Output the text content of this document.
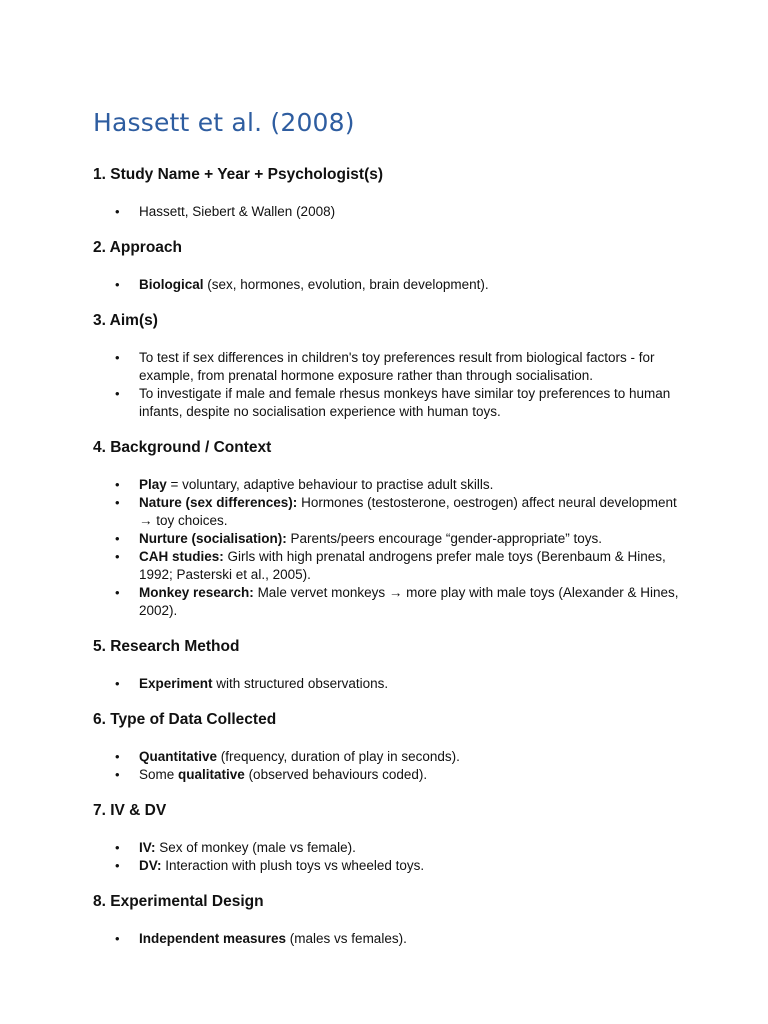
Hassett et al. (2008)
1. Study Name + Year + Psychologist(s)
• Hassett, Siebert & Wallen (2008)
2. Approach
• Biological (sex, hormones, evolution, brain development).
3. Aim(s)
• To test if sex differences in children's toy preferences result from biological factors - for example, from prenatal hormone exposure rather than through socialisation.
• To investigate if male and female rhesus monkeys have similar toy preferences to human infants, despite no socialisation experience with human toys.
4. Background / Context
• Play = voluntary, adaptive behaviour to practise adult skills.
• Nature (sex differences): Hormones (testosterone, oestrogen) affect neural development → toy choices.
• Nurture (socialisation): Parents/peers encourage “gender-appropriate” toys.
• CAH studies: Girls with high prenatal androgens prefer male toys (Berenbaum & Hines, 1992; Pasterski et al., 2005).
• Monkey research: Male vervet monkeys → more play with male toys (Alexander & Hines, 2002).
5. Research Method
• Experiment with structured observations.
6. Type of Data Collected
• Quantitative (frequency, duration of play in seconds).
• Some qualitative (observed behaviours coded).
7. IV & DV
• IV: Sex of monkey (male vs female).
• DV: Interaction with plush toys vs wheeled toys.
8. Experimental Design
• Independent measures (males vs females).
